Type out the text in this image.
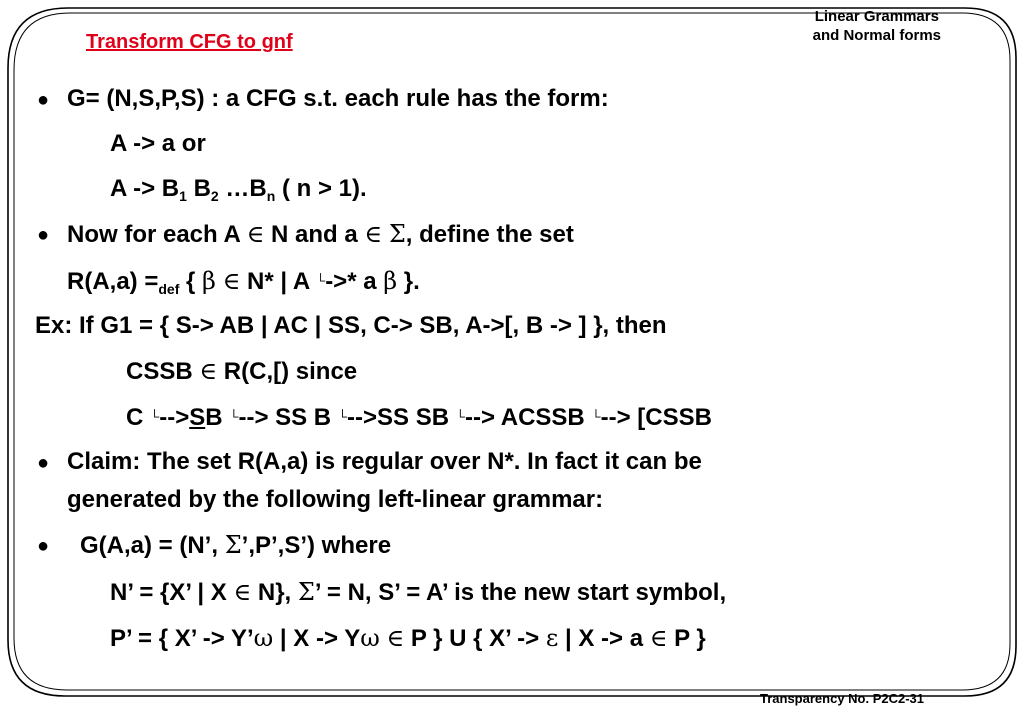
Transform CFG to gnf
Linear Grammars
and Normal forms
● G= (N,S,P,S) : a CFG s.t. each rule has the form:
A -> a or
$A -> B_1$ $B_2$ $\dots B_n$ ( n > 1).
● Now for each A ∈ N and a ∈ Σ, define the set
$R(A,a) =_{def}$ { β ∈ N* | A └->* a β }.
Ex: If G1 = { S-> AB | AC | SS, C-> SB, A->[, B -> ] }, then
CSSB ∈ R(C,[) since
C └-->SB └--> SS B └-->SS SB └--> ACSSB └--> [CSSB
● Claim: The set R(A,a) is regular over N*. In fact it can be
generated by the following left-linear grammar:
● G(A,a) = (N’, Σ’,P’,S’) where
N’ = {X’ | X ∈ N}, Σ’ = N, S’ = A’ is the new start symbol,
P’ = { X’ -> Y’ω | X -> Yω ∈ P } U { X’ -> ε | X -> a ∈ P }
Transparency No. P2C2-31
